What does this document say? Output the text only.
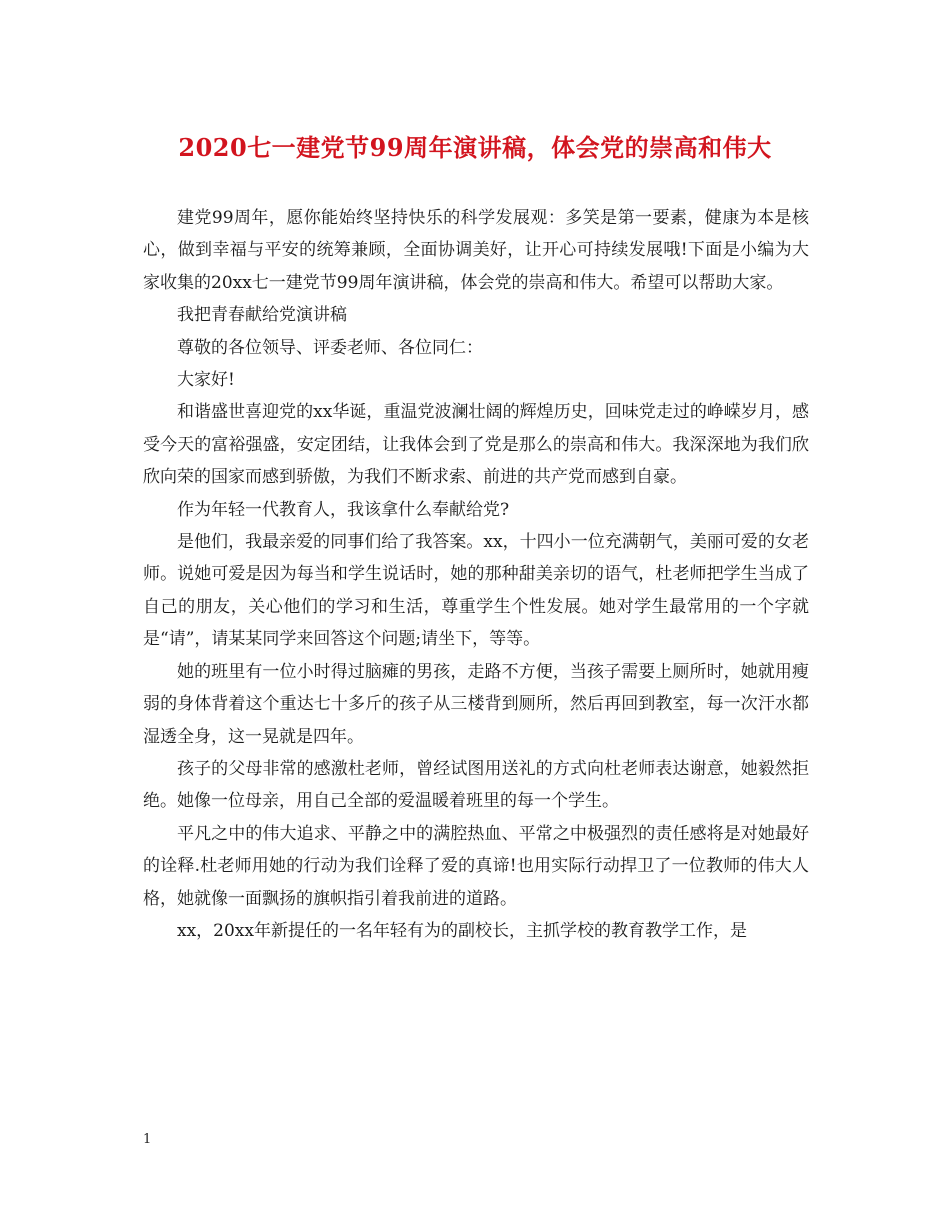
2020七一建党节99周年演讲稿，体会党的崇高和伟大

建党99周年，愿你能始终坚持快乐的科学发展观：多笑是第一要素，健康为本是核心，做到幸福与平安的统筹兼顾，全面协调美好，让开心可持续发展哦!下面是小编为大家收集的20xx七一建党节99周年演讲稿，体会党的崇高和伟大。希望可以帮助大家。

我把青春献给党演讲稿

尊敬的各位领导、评委老师、各位同仁：

大家好!

和谐盛世喜迎党的xx华诞，重温党波澜壮阔的辉煌历史，回味党走过的峥嵘岁月，感受今天的富裕强盛，安定团结，让我体会到了党是那么的崇高和伟大。我深深地为我们欣欣向荣的国家而感到骄傲，为我们不断求索、前进的共产党而感到自豪。

作为年轻一代教育人，我该拿什么奉献给党?

是他们，我最亲爱的同事们给了我答案。xx，十四小一位充满朝气，美丽可爱的女老师。说她可爱是因为每当和学生说话时，她的那种甜美亲切的语气，杜老师把学生当成了自己的朋友，关心他们的学习和生活，尊重学生个性发展。她对学生最常用的一个字就是“请”，请某某同学来回答这个问题;请坐下，等等。

她的班里有一位小时得过脑瘫的男孩，走路不方便，当孩子需要上厕所时，她就用瘦弱的身体背着这个重达七十多斤的孩子从三楼背到厕所，然后再回到教室，每一次汗水都湿透全身，这一晃就是四年。

孩子的父母非常的感激杜老师，曾经试图用送礼的方式向杜老师表达谢意，她毅然拒绝。她像一位母亲，用自己全部的爱温暖着班里的每一个学生。

平凡之中的伟大追求、平静之中的满腔热血、平常之中极强烈的责任感将是对她最好的诠释.杜老师用她的行动为我们诠释了爱的真谛!也用实际行动捍卫了一位教师的伟大人格，她就像一面飘扬的旗帜指引着我前进的道路。

xx，20xx年新提任的一名年轻有为的副校长，主抓学校的教育教学工作，是

1
